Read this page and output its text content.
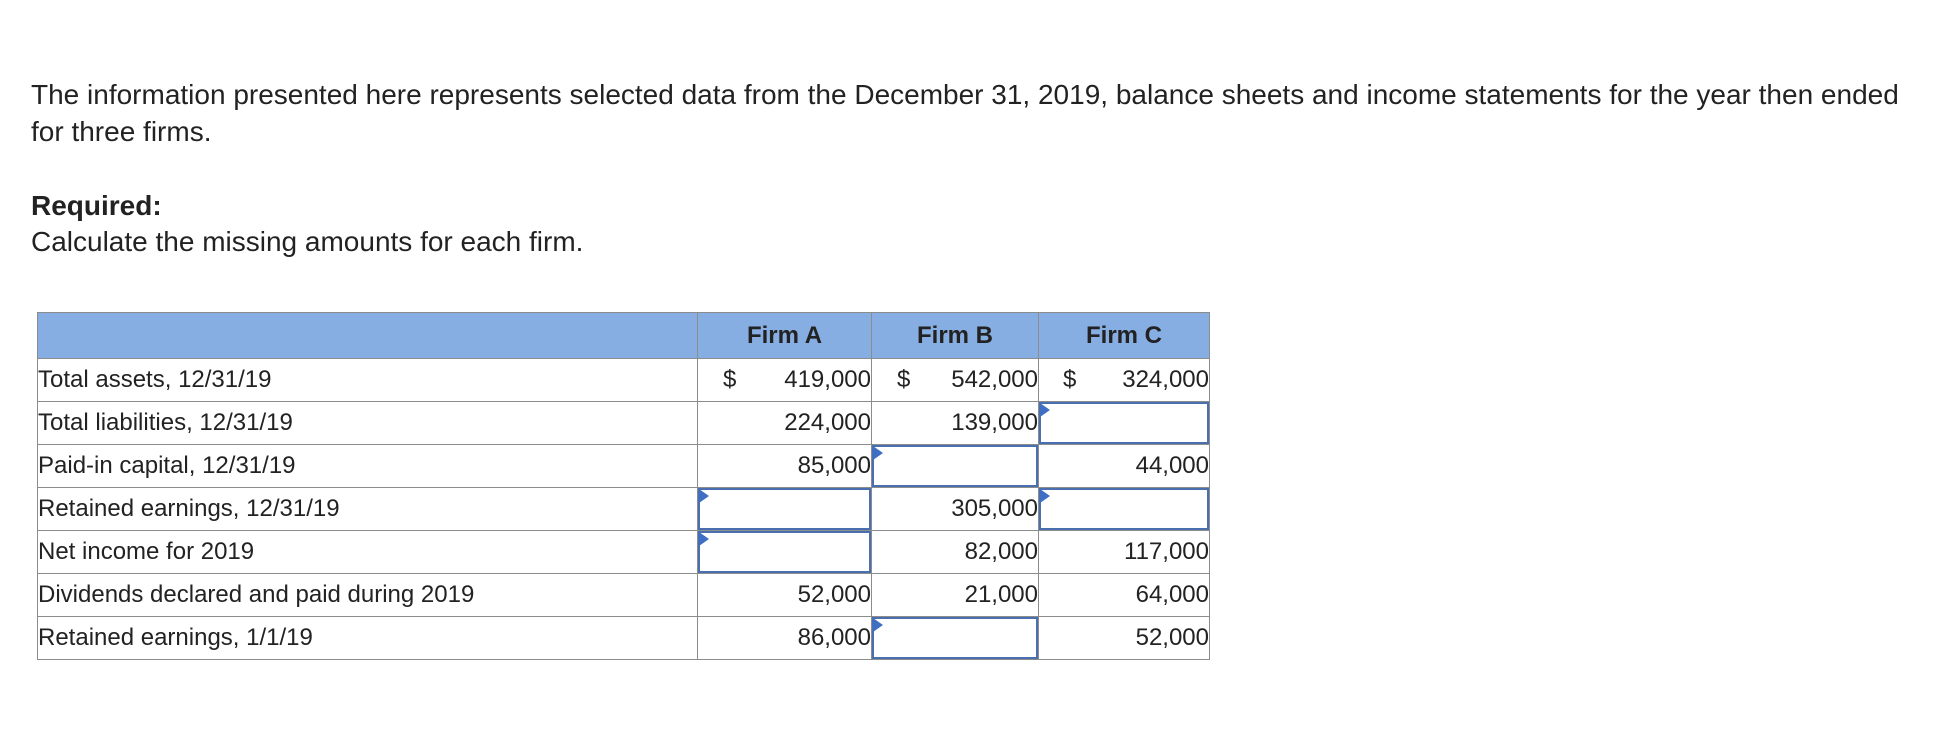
The information presented here represents selected data from the December 31, 2019, balance sheets and income statements for the year then ended for three firms.

Required:

Calculate the missing amounts for each firm.

	Firm A	Firm B	Firm C
Total assets, 12/31/19	$ 419,000	$ 542,000	$ 324,000
Total liabilities, 12/31/19	224,000	139,000	

Paid-in capital, 12/31/19	85,000		44,000
Retained earnings, 12/31/19		305,000	

Net income for 2019		82,000	117,000
Dividends declared and paid during 2019	52,000	21,000	64,000
Retained earnings, 1/1/19	86,000		52,000
